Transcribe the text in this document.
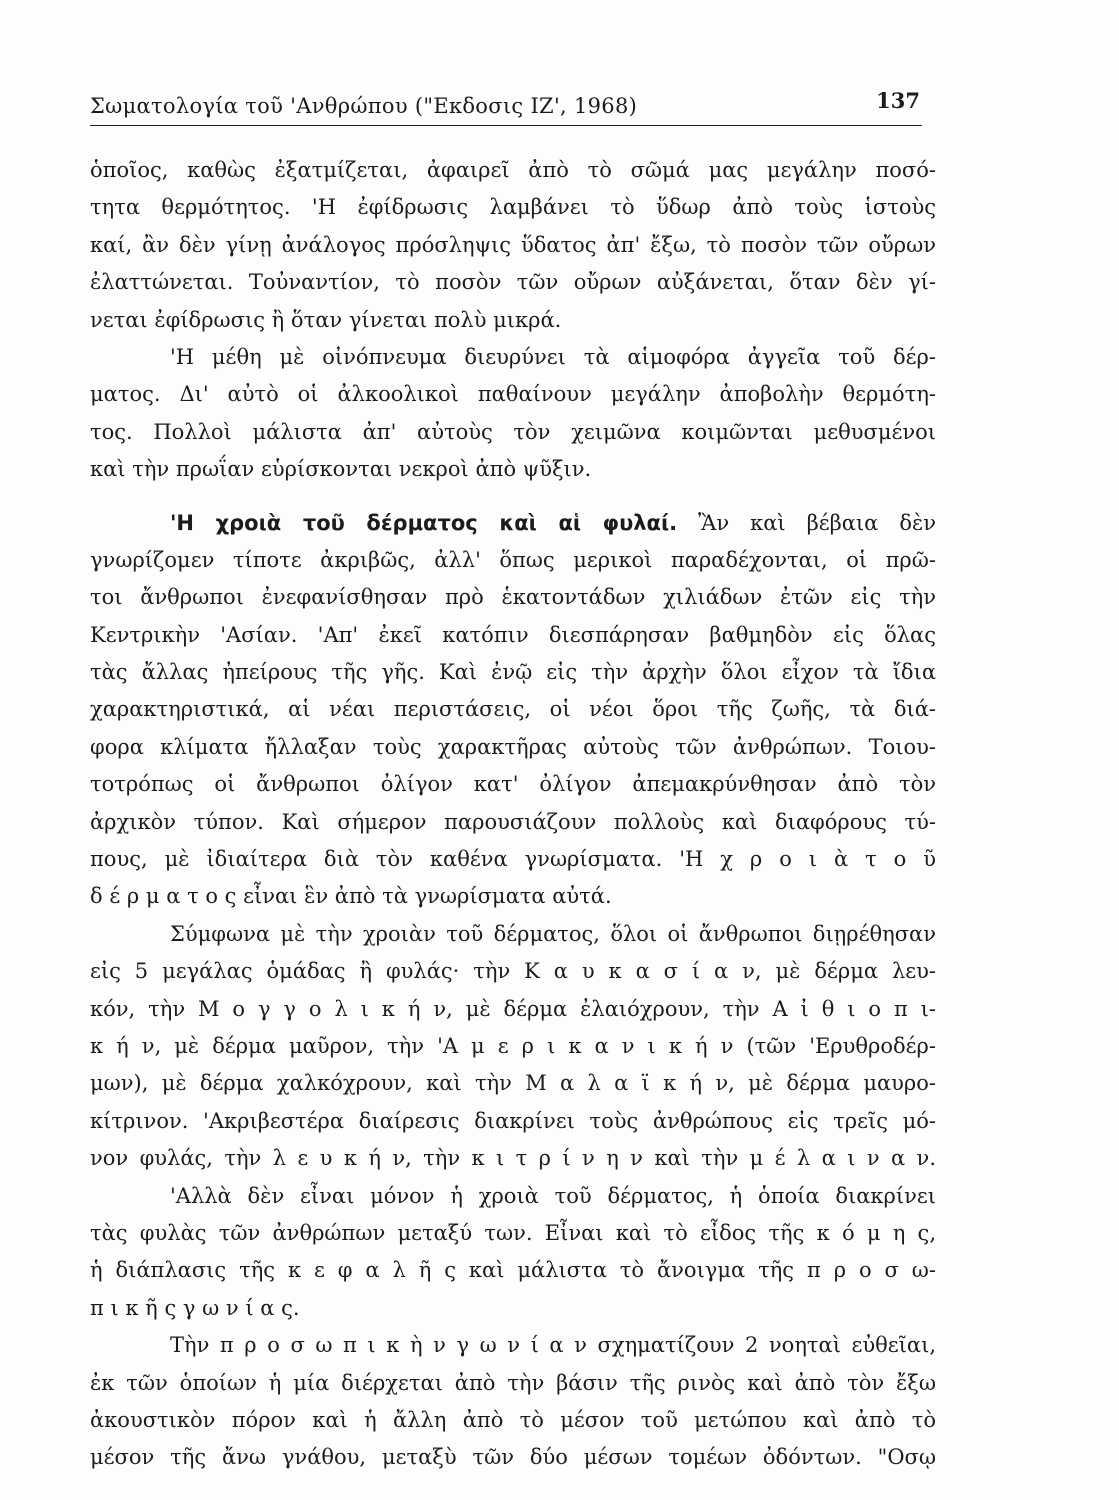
Σωματολογία τοῦ 'Ανθρώπου ("Εκδοσις ΙΖ', 1968)	137
ὁποῖος, καθὼς ἐξατμίζεται, ἀφαιρεῖ ἀπὸ τὸ σῶμά μας μεγάλην ποσό-
τητα θερμότητος. 'Η ἐφίδρωσις λαμβάνει τὸ ὕδωρ ἀπὸ τοὺς ἱστοὺς
καί, ἂν δὲν γίνῃ ἀνάλογος πρόσληψις ὕδατος ἀπ' ἔξω, τὸ ποσὸν τῶν οὔρων
ἐλαττώνεται. Τοὐναντίον, τὸ ποσὸν τῶν οὔρων αὐξάνεται, ὅταν δὲν γί-
νεται ἐφίδρωσις ἢ ὅταν γίνεται πολὺ μικρά.
'Η μέθη μὲ οἰνόπνευμα διευρύνει τὰ αἱμοφόρα ἀγγεῖα τοῦ δέρ-
ματος. Δι' αὐτὸ οἱ ἀλκοολικοὶ παθαίνουν μεγάλην ἀποβολὴν θερμότη-
τος. Πολλοὶ μάλιστα ἀπ' αὐτοὺς τὸν χειμῶνα κοιμῶνται μεθυσμένοι
καὶ τὴν πρωΐαν εὑρίσκονται νεκροὶ ἀπὸ ψῦξιν.
'Η χροιὰ τοῦ δέρματος καὶ αἱ φυλαί. Ἂν καὶ βέβαια δὲν
γνωρίζομεν τίποτε ἀκριβῶς, ἀλλ' ὅπως μερικοὶ παραδέχονται, οἱ πρῶ-
τοι ἄνθρωποι ἐνεφανίσθησαν πρὸ ἑκατοντάδων χιλιάδων ἐτῶν εἰς τὴν
Κεντρικὴν 'Ασίαν. 'Απ' ἐκεῖ κατόπιν διεσπάρησαν βαθμηδὸν εἰς ὅλας
τὰς ἄλλας ἠπείρους τῆς γῆς. Καὶ ἐνῷ εἰς τὴν ἀρχὴν ὅλοι εἶχον τὰ ἴδια
χαρακτηριστικά, αἱ νέαι περιστάσεις, οἱ νέοι ὅροι τῆς ζωῆς, τὰ διά-
φορα κλίματα ἤλλαξαν τοὺς χαρακτῆρας αὐτοὺς τῶν ἀνθρώπων. Τοιου-
τοτρόπως οἱ ἄνθρωποι ὀλίγον κατ' ὀλίγον ἀπεμακρύνθησαν ἀπὸ τὸν
ἀρχικὸν τύπον. Καὶ σήμερον παρουσιάζουν πολλοὺς καὶ διαφόρους τύ-
πους, μὲ ἰδιαίτερα διὰ τὸν καθένα γνωρίσματα. 'Η χ ρ ο ι ὰ τ ο ῦ
δ έ ρ μ α τ ο ς εἶναι ἓν ἀπὸ τὰ γνωρίσματα αὐτά.
Σύμφωνα μὲ τὴν χροιὰν τοῦ δέρματος, ὅλοι οἱ ἄνθρωποι διῃρέθησαν
εἰς 5 μεγάλας ὁμάδας ἢ φυλάς· τὴν Κ α υ κ α σ ί α ν, μὲ δέρμα λευ-
κόν, τὴν Μ ο γ γ ο λ ι κ ή ν, μὲ δέρμα ἐλαιόχρουν, τὴν Α ἰ θ ι ο π ι-
κ ή ν, μὲ δέρμα μαῦρον, τὴν 'Α μ ε ρ ι κ α ν ι κ ή ν (τῶν 'Ερυθροδέρ-
μων), μὲ δέρμα χαλκόχρουν, καὶ τὴν Μ α λ α ϊ κ ή ν, μὲ δέρμα μαυρο-
κίτρινον. 'Ακριβεστέρα διαίρεσις διακρίνει τοὺς ἀνθρώπους εἰς τρεῖς μό-
νον φυλάς, τὴν λ ε υ κ ή ν, τὴν κ ι τ ρ ί ν η ν καὶ τὴν μ έ λ α ι ν α ν.
'Αλλὰ δὲν εἶναι μόνον ἡ χροιὰ τοῦ δέρματος, ἡ ὁποία διακρίνει
τὰς φυλὰς τῶν ἀνθρώπων μεταξύ των. Εἶναι καὶ τὸ εἶδος τῆς κ ό μ η ς,
ἡ διάπλασις τῆς κ ε φ α λ ῆ ς καὶ μάλιστα τὸ ἄνοιγμα τῆς π ρ ο σ ω-
π ι κ ῆ ς γ ω ν ί α ς.
Τὴν π ρ ο σ ω π ι κ ὴ ν γ ω ν ί α ν σχηματίζουν 2 νοηταὶ εὐθεῖαι,
ἐκ τῶν ὁποίων ἡ μία διέρχεται ἀπὸ τὴν βάσιν τῆς ρινὸς καὶ ἀπὸ τὸν ἔξω
ἀκουστικὸν πόρον καὶ ἡ ἄλλη ἀπὸ τὸ μέσον τοῦ μετώπου καὶ ἀπὸ τὸ
μέσον τῆς ἄνω γνάθου, μεταξὺ τῶν δύο μέσων τομέων ὀδόντων. "Οσῳ
